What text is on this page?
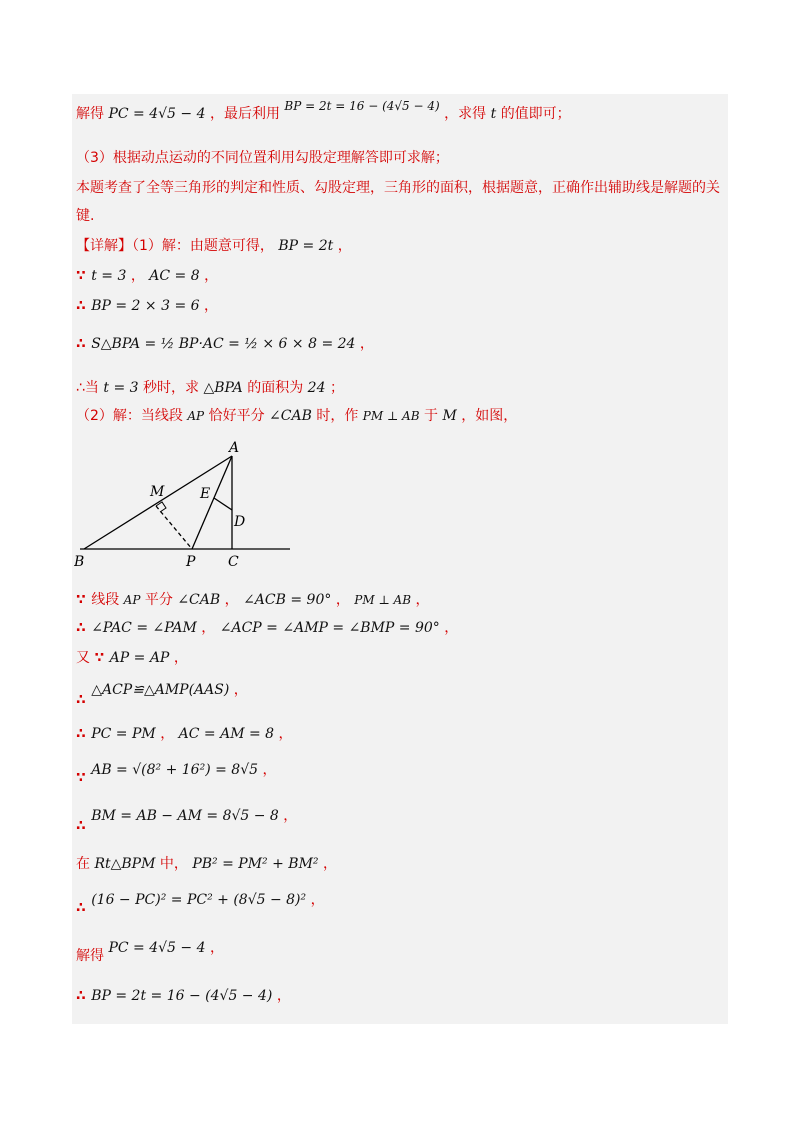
解得 PC = 4√5 − 4 ，最后利用 BP = 2t = 16 − (4√5 − 4) ，求得 t 的值即可；
（3）根据动点运动的不同位置利用勾股定理解答即可求解；
本题考查了全等三角形的判定和性质、勾股定理，三角形的面积，根据题意，正确作出辅助线是解题的关
键.
【详解】（1）解：由题意可得， BP = 2t ，
∵ t = 3 ， AC = 8 ，
∴ BP = 2 × 3 = 6 ，
∴ S△BPA = ½ BP·AC = ½ × 6 × 8 = 24 ，
∴当 t = 3 秒时，求 △BPA 的面积为 24 ；
（2）解：当线段 AP 恰好平分 ∠CAB 时，作 PM ⊥ AB 于 M ，如图，
A
B	C
D
E
M
P
∵ 线段 AP 平分 ∠CAB ， ∠ACB = 90° ， PM ⊥ AB ，
∴ ∠PAC = ∠PAM ， ∠ACP = ∠AMP = ∠BMP = 90° ，
又 ∵ AP = AP ，
∴ △ACP≌△AMP(AAS) ，
∴ PC = PM ， AC = AM = 8 ，
∵ AB = √(8² + 16²) = 8√5 ，
∴ BM = AB − AM = 8√5 − 8 ，
在 Rt△BPM 中， PB² = PM² + BM² ，
∴ (16 − PC)² = PC² + (8√5 − 8)² ，
解得 PC = 4√5 − 4 ，
∴ BP = 2t = 16 − (4√5 − 4) ，
